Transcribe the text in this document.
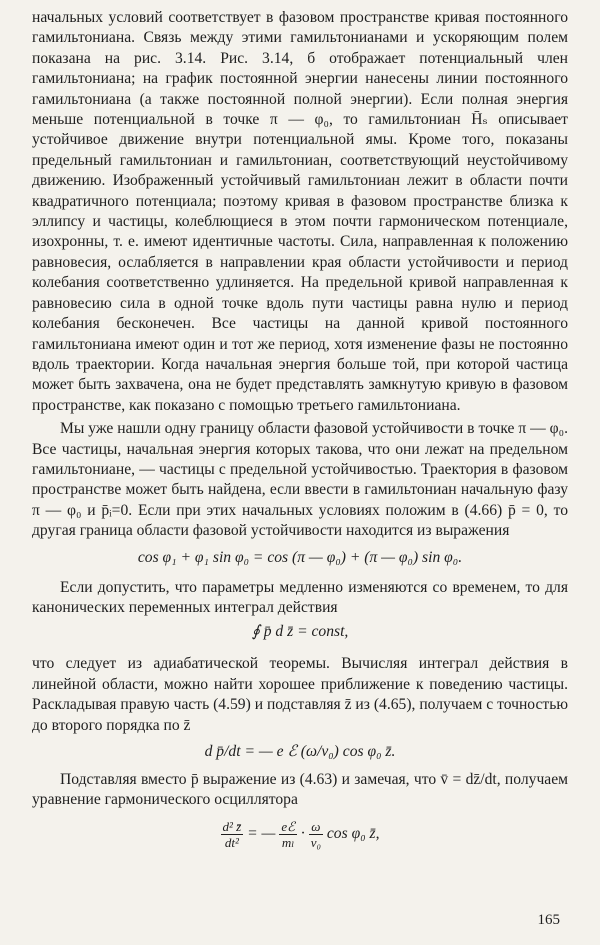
начальных условий соответствует в фазовом пространстве кривая постоянного гамильтониана. Связь между этими гамильтонианами и ускоряющим полем показана на рис. 3.14. Рис. 3.14, б отображает потенциальный член гамильтониана; на график постоянной энергии нанесены линии постоянного гамильтониана (а также постоянной полной энергии). Если полная энергия меньше потенциальной в точке π — φ₀, то гамильтониан H̄ₛ описывает устойчивое движение внутри потенциальной ямы. Кроме того, показаны предельный гамильтониан и гамильтониан, соответствующий неустойчивому движению. Изображенный устойчивый гамильтониан лежит в области почти квадратичного потенциала; поэтому кривая в фазовом пространстве близка к эллипсу и частицы, колеблющиеся в этом почти гармоническом потенциале, изохронны, т. е. имеют идентичные частоты. Сила, направленная к положению равновесия, ослабляется в направлении края области устойчивости и период колебания соответственно удлиняется. На предельной кривой направленная к равновесию сила в одной точке вдоль пути частицы равна нулю и период колебания бесконечен. Все частицы на данной кривой постоянного гамильтониана имеют один и тот же период, хотя изменение фазы не постоянно вдоль траектории. Когда начальная энергия больше той, при которой частица может быть захвачена, она не будет представлять замкнутую кривую в фазовом пространстве, как показано с помощью третьего гамильтониана.

Мы уже нашли одну границу области фазовой устойчивости в точке π — φ₀. Все частицы, начальная энергия которых такова, что они лежат на предельном гамильтониане, — частицы с предельной устойчивостью. Траектория в фазовом пространстве может быть найдена, если ввести в гамильтониан начальную фазу π — φ₀ и p̄ᵢ=0. Если при этих начальных условиях положим в (4.66) p̄ = 0, то другая граница области фазовой устойчивости находится из выражения

cos φ₁ + φ₁ sin φ₀ = cos (π — φ₀) + (π — φ₀) sin φ₀.

Если допустить, что параметры медленно изменяются со временем, то для канонических переменных интеграл действия

∮ p̄ d z̄ = const,

что следует из адиабатической теоремы. Вычисляя интеграл действия в линейной области, можно найти хорошее приближение к поведению частицы. Раскладывая правую часть (4.59) и подставляя z̄ из (4.65), получаем с точностью до второго порядка по z̄

d p̄/dt = — e ℰ (ω/v₀) cos φ₀ z̄.

Подставляя вместо p̄ выражение из (4.63) и замечая, что v̄ = dz̄/dt, получаем уравнение гармонического осциллятора

$\frac{\text{d² z̄}}{\text{dt²}}$ = — $\frac{\text{eℰ}}{\text{mₗ}} \cdot \frac{\omega}{\text{v₀}}$ cos φ₀ z̄,

165
